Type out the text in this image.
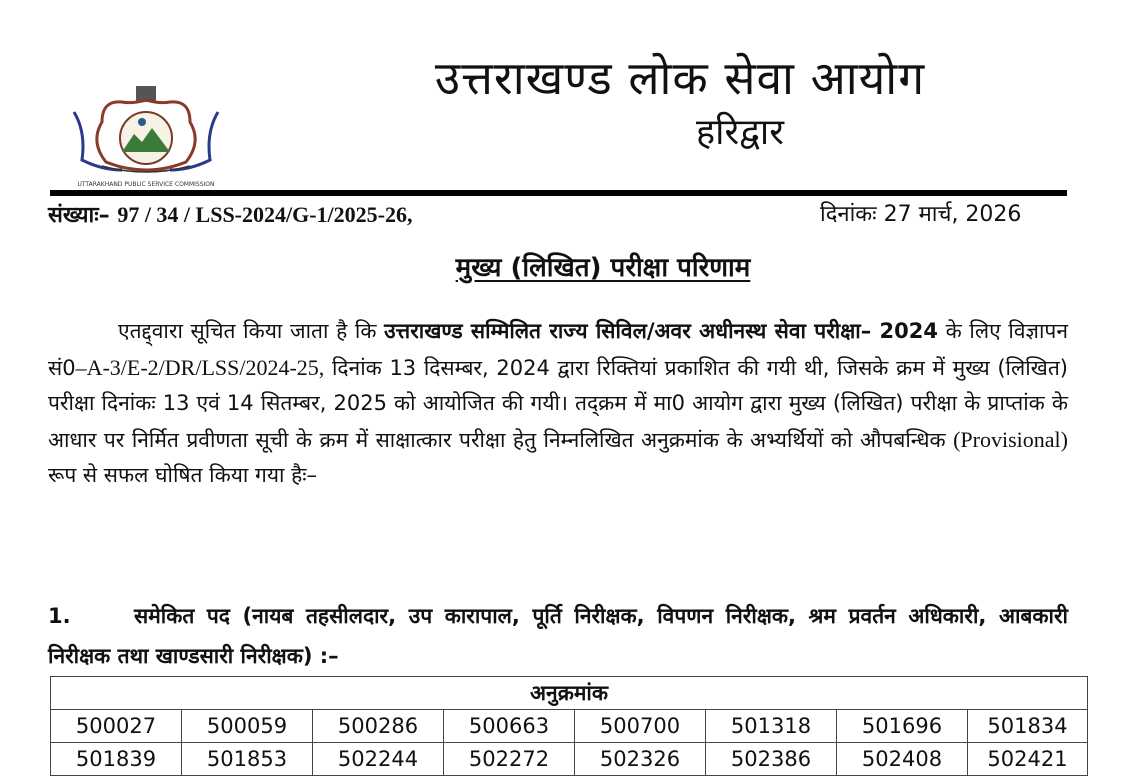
UTTARAKHAND PUBLIC SERVICE COMMISSION
उत्तराखण्ड लोक सेवा आयोग
हरिद्वार
संख्याः– 97 / 34 / LSS-2024/G-1/2025-26,	दिनांकः 27 मार्च, 2026
मुख्य (लिखित) परीक्षा परिणाम
एतद्द्वारा सूचित किया जाता है कि उत्तराखण्ड सम्मिलित राज्य सिविल/अवर अधीनस्थ सेवा परीक्षा– 2024 के लिए विज्ञापन सं0–A-3/E-2/DR/LSS/2024-25, दिनांक 13 दिसम्बर, 2024 द्वारा रिक्तियां प्रकाशित की गयी थी, जिसके क्रम में मुख्य (लिखित) परीक्षा दिनांकः 13 एवं 14 सितम्बर, 2025 को आयोजित की गयी। तद्क्रम में मा0 आयोग द्वारा मुख्य (लिखित) परीक्षा के प्राप्तांक के आधार पर निर्मित प्रवीणता सूची के क्रम में साक्षात्कार परीक्षा हेतु निम्नलिखित अनुक्रमांक के अभ्यर्थियों को औपबन्धिक (Provisional) रूप से सफल घोषित किया गया हैः–
1.	समेकित पद (नायब तहसीलदार, उप कारापाल, पूर्ति निरीक्षक, विपणन निरीक्षक, श्रम प्रवर्तन अधिकारी, आबकारी निरीक्षक तथा खाण्डसारी निरीक्षक) :–
अनुक्रमांक							
500027	500059	500286	500663	500700	501318	501696	501834
501839	501853	502244	502272	502326	502386	502408	502421
